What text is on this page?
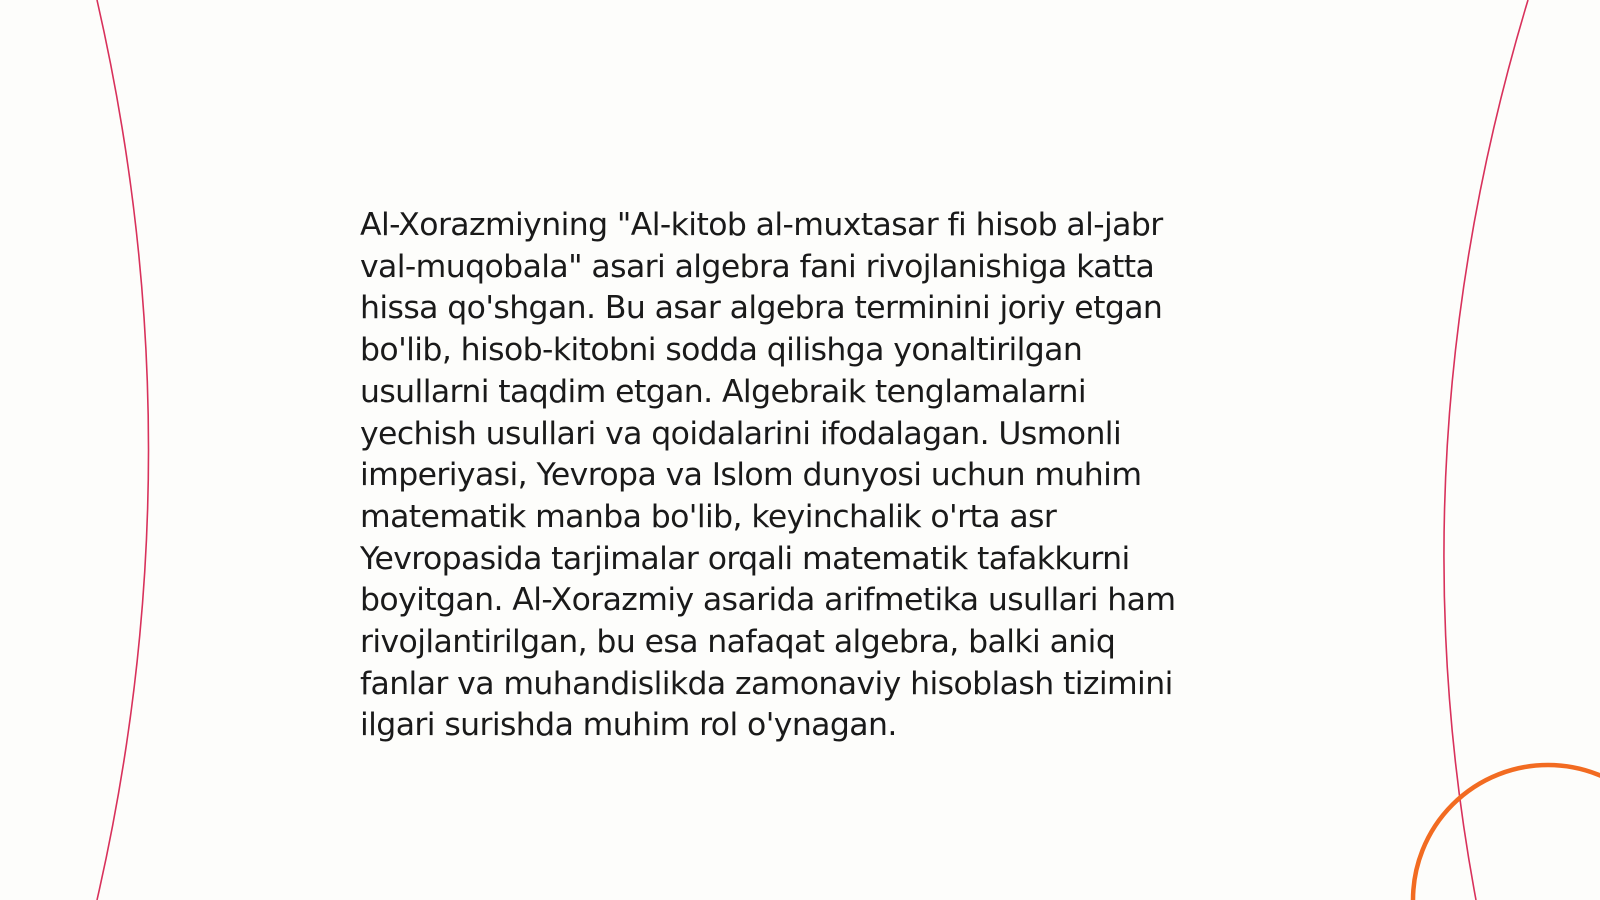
Al-Xorazmiyning "Al-kitob al-muxtasar fi hisob al-jabr
val-muqobala" asari algebra fani rivojlanishiga katta
hissa qo'shgan. Bu asar algebra terminini joriy etgan
bo'lib, hisob-kitobni sodda qilishga yonaltirilgan
usullarni taqdim etgan. Algebraik tenglamalarni
yechish usullari va qoidalarini ifodalagan. Usmonli
imperiyasi, Yevropa va Islom dunyosi uchun muhim
matematik manba bo'lib, keyinchalik o'rta asr
Yevropasida tarjimalar orqali matematik tafakkurni
boyitgan. Al-Xorazmiy asarida arifmetika usullari ham
rivojlantirilgan, bu esa nafaqat algebra, balki aniq
fanlar va muhandislikda zamonaviy hisoblash tizimini
ilgari surishda muhim rol o'ynagan.
